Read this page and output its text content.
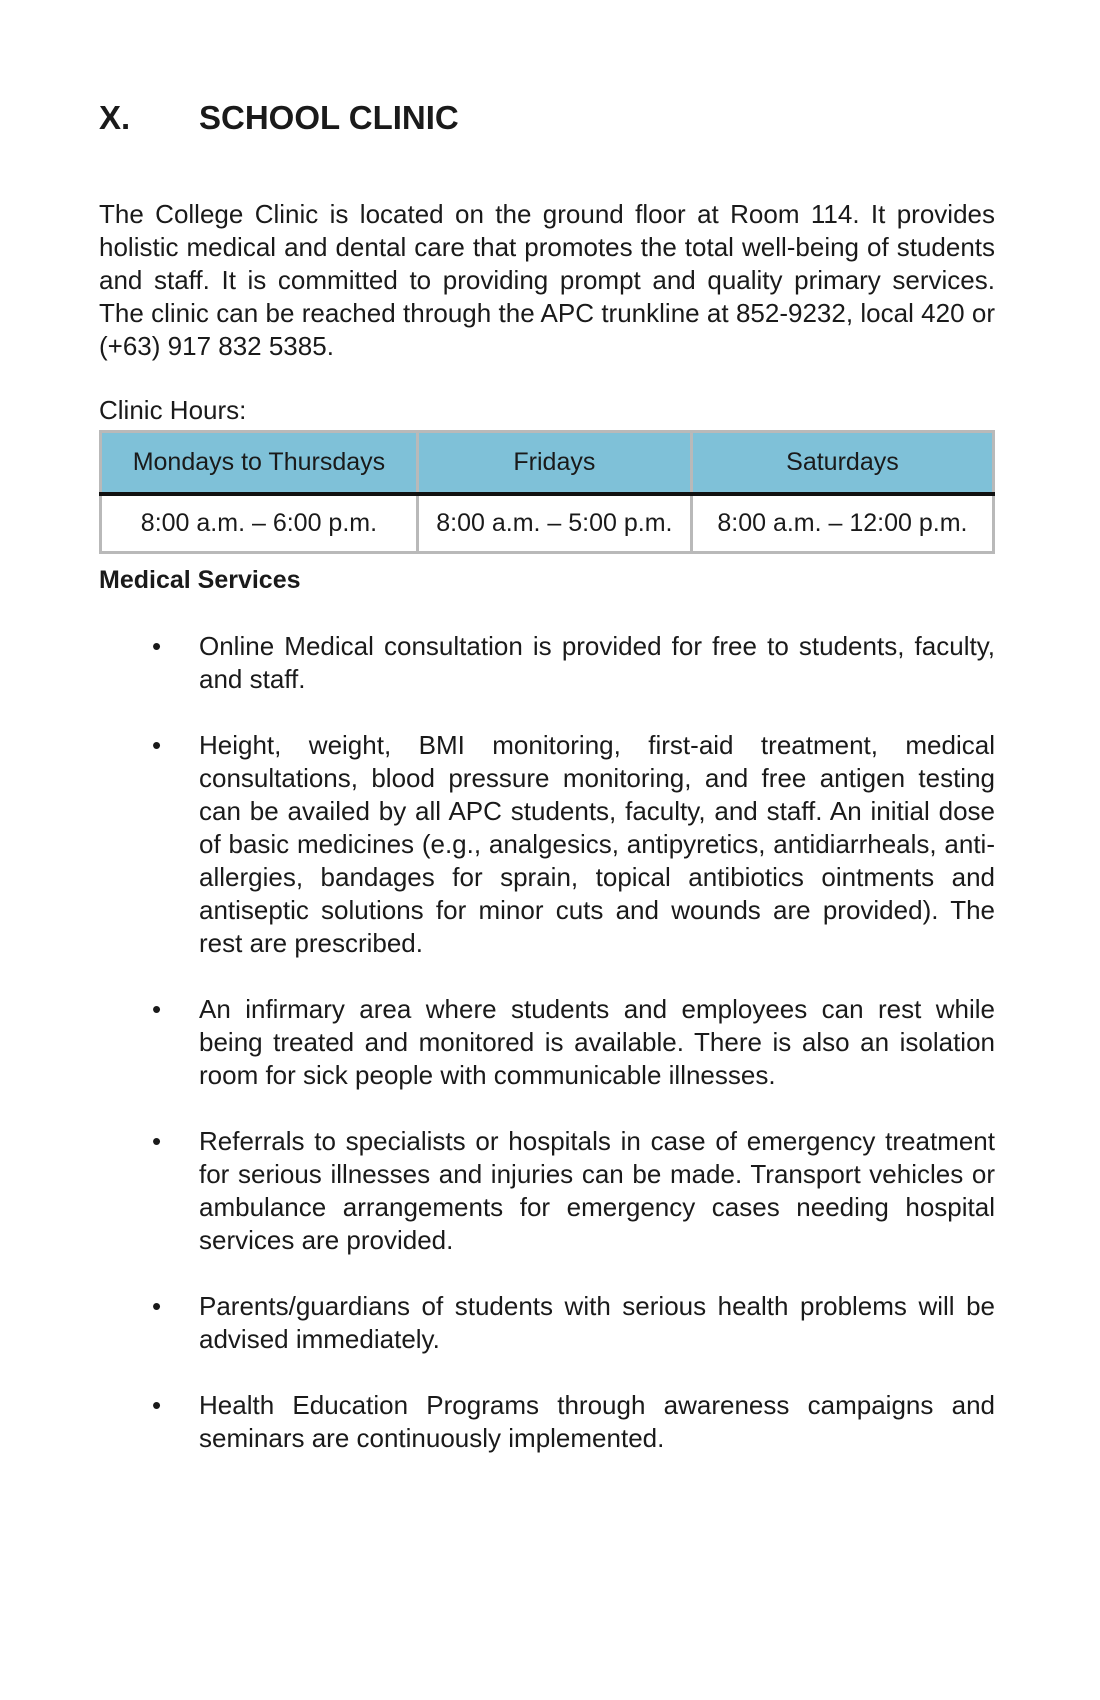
X.	SCHOOL CLINIC

The College Clinic is located on the ground floor at Room 114. It provides holistic medical and dental care that promotes the total well-being of students and staff. It is committed to providing prompt and quality primary services. The clinic can be reached through the APC trunkline at 852-9232, local 420 or (+63) 917 832 5385.

Clinic Hours:
Mondays to Thursdays	Fridays	Saturdays
8:00 a.m. – 6:00 p.m.	8:00 a.m. – 5:00 p.m.	8:00 a.m. – 12:00 p.m.
Medical Services
•	Online Medical consultation is provided for free to students, faculty, and staff.
•	Height, weight, BMI monitoring, first-aid treatment, medical consultations, blood pressure monitoring, and free antigen testing can be availed by all APC students, faculty, and staff. An initial dose of basic medicines (e.g., analgesics, antipyretics, antidiarrheals, anti-allergies, bandages for sprain, topical antibiotics ointments and antiseptic solutions for minor cuts and wounds are provided). The rest are prescribed.
•	An infirmary area where students and employees can rest while being treated and monitored is available. There is also an isolation room for sick people with communicable illnesses.
•	Referrals to specialists or hospitals in case of emergency treatment for serious illnesses and injuries can be made. Transport vehicles or ambulance arrangements for emergency cases needing hospital services are provided.
•	Parents/guardians of students with serious health problems will be advised immediately.
•	Health Education Programs through awareness campaigns and seminars are continuously implemented.
